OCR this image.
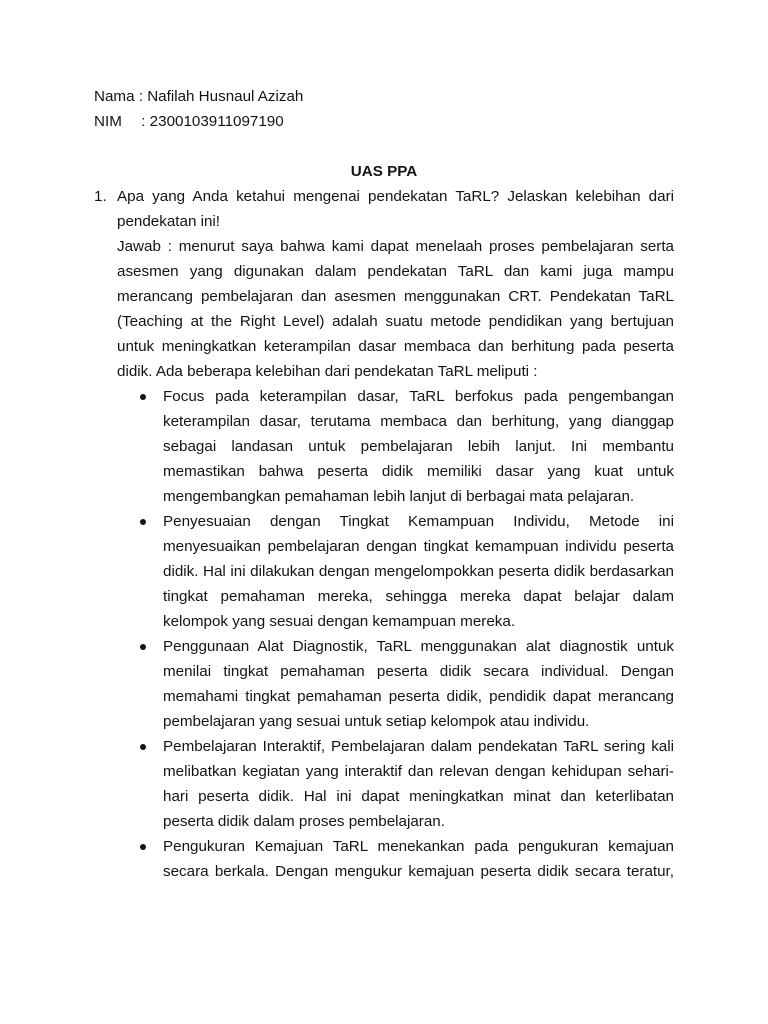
Nama : Nafilah Husnaul Azizah
NIM : 2300103911097190
UAS PPA
1. Apa yang Anda ketahui mengenai pendekatan TaRL? Jelaskan kelebihan dari
pendekatan ini!
Jawab : menurut saya bahwa kami dapat menelaah proses pembelajaran serta
asesmen yang digunakan dalam pendekatan TaRL dan kami juga mampu
merancang pembelajaran dan asesmen menggunakan CRT. Pendekatan TaRL
(Teaching at the Right Level) adalah suatu metode pendidikan yang bertujuan
untuk meningkatkan keterampilan dasar membaca dan berhitung pada peserta
didik. Ada beberapa kelebihan dari pendekatan TaRL meliputi :
Focus pada keterampilan dasar, TaRL berfokus pada pengembangan
keterampilan dasar, terutama membaca dan berhitung, yang dianggap
sebagai landasan untuk pembelajaran lebih lanjut. Ini membantu
memastikan bahwa peserta didik memiliki dasar yang kuat untuk
mengembangkan pemahaman lebih lanjut di berbagai mata pelajaran.
Penyesuaian dengan Tingkat Kemampuan Individu, Metode ini
menyesuaikan pembelajaran dengan tingkat kemampuan individu peserta
didik. Hal ini dilakukan dengan mengelompokkan peserta didik berdasarkan
tingkat pemahaman mereka, sehingga mereka dapat belajar dalam
kelompok yang sesuai dengan kemampuan mereka.
Penggunaan Alat Diagnostik, TaRL menggunakan alat diagnostik untuk
menilai tingkat pemahaman peserta didik secara individual. Dengan
memahami tingkat pemahaman peserta didik, pendidik dapat merancang
pembelajaran yang sesuai untuk setiap kelompok atau individu.
Pembelajaran Interaktif, Pembelajaran dalam pendekatan TaRL sering kali
melibatkan kegiatan yang interaktif dan relevan dengan kehidupan sehari-
hari peserta didik. Hal ini dapat meningkatkan minat dan keterlibatan
peserta didik dalam proses pembelajaran.
Pengukuran Kemajuan TaRL menekankan pada pengukuran kemajuan
secara berkala. Dengan mengukur kemajuan peserta didik secara teratur,
